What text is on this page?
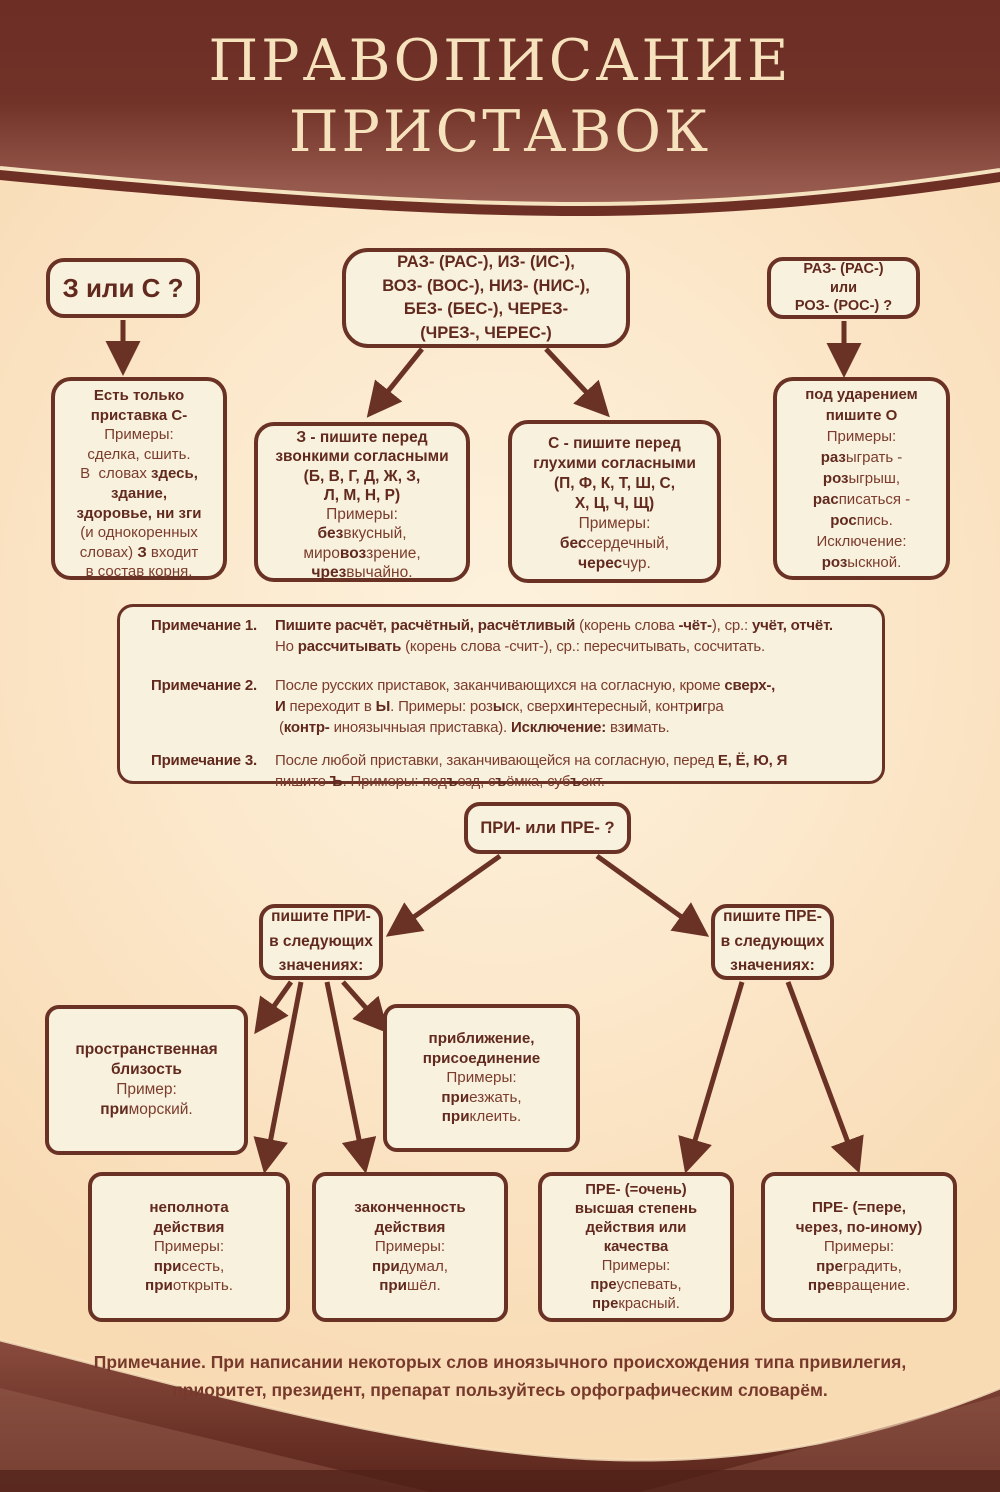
ПРАВОПИСАНИЕ
ПРИСТАВОК
З или С ?
РАЗ- (РАС-), ИЗ- (ИС-),
ВОЗ- (ВОС-), НИЗ- (НИС-),
БЕЗ- (БЕС-), ЧЕРЕЗ-
(ЧРЕЗ-, ЧЕРЕС-)
РАЗ- (РАС-)
или
РОЗ- (РОС-) ?
Есть только
приставка С-
Примеры:
сделка, сшить.
В  словах здесь,
здание,
здоровье, ни зги
(и однокоренных
словах) З входит
в состав корня.
З - пишите перед
звонкими согласными
(Б, В, Г, Д, Ж, З,
Л, М, Н, Р)
Примеры:
безвкусный,
мировоззрение,
чрезвычайно.
С - пишите перед
глухими согласными
(П, Ф, К, Т, Ш, С,
Х, Ц, Ч, Щ)
Примеры:
бессердечный,
чересчур.
под ударением
пишите О
Примеры:
разыграть -
розыгрыш,
расписаться -
роспись.
Исключение:
розыскной.
Примечание 1.	Пишите расчёт, расчётный, расчётливый (корень слова -чёт-), ср.: учёт, отчёт.
Но рассчитывать (корень слова -счит-), ср.: пересчитывать, сосчитать.
Примечание 2.	После русских приставок, заканчивающихся на согласную, кроме сверх-,
И переходит в Ы. Примеры: розыск, сверхинтересный, контригра
(контр- иноязычныая приставка). Исключение: взимать.
Примечание 3.	После любой приставки, заканчивающейся на согласную, перед Е, Ё, Ю, Я
пишите Ъ. Примеры: подъезд, съёмка, субъект.
ПРИ- или ПРЕ- ?
пишите ПРИ-
в следующих
значениях:
пишите ПРЕ-
в следующих
значениях:
пространственная
близость
Пример:
приморский.
приближение,
присоединение
Примеры:
приезжать,
приклеить.
неполнота
действия
Примеры:
присесть,
приоткрыть.
законченность
действия
Примеры:
придумал,
пришёл.
ПРЕ- (=очень)
высшая степень
действия или
качества
Примеры:
преуспевать,
прекрасный.
ПРЕ- (=пере,
через, по-иному)
Примеры:
преградить,
превращение.
Примечание. При написании некоторых слов иноязычного происхождения типа привилегия,
приоритет, президент, препарат пользуйтесь орфографическим словарём.
